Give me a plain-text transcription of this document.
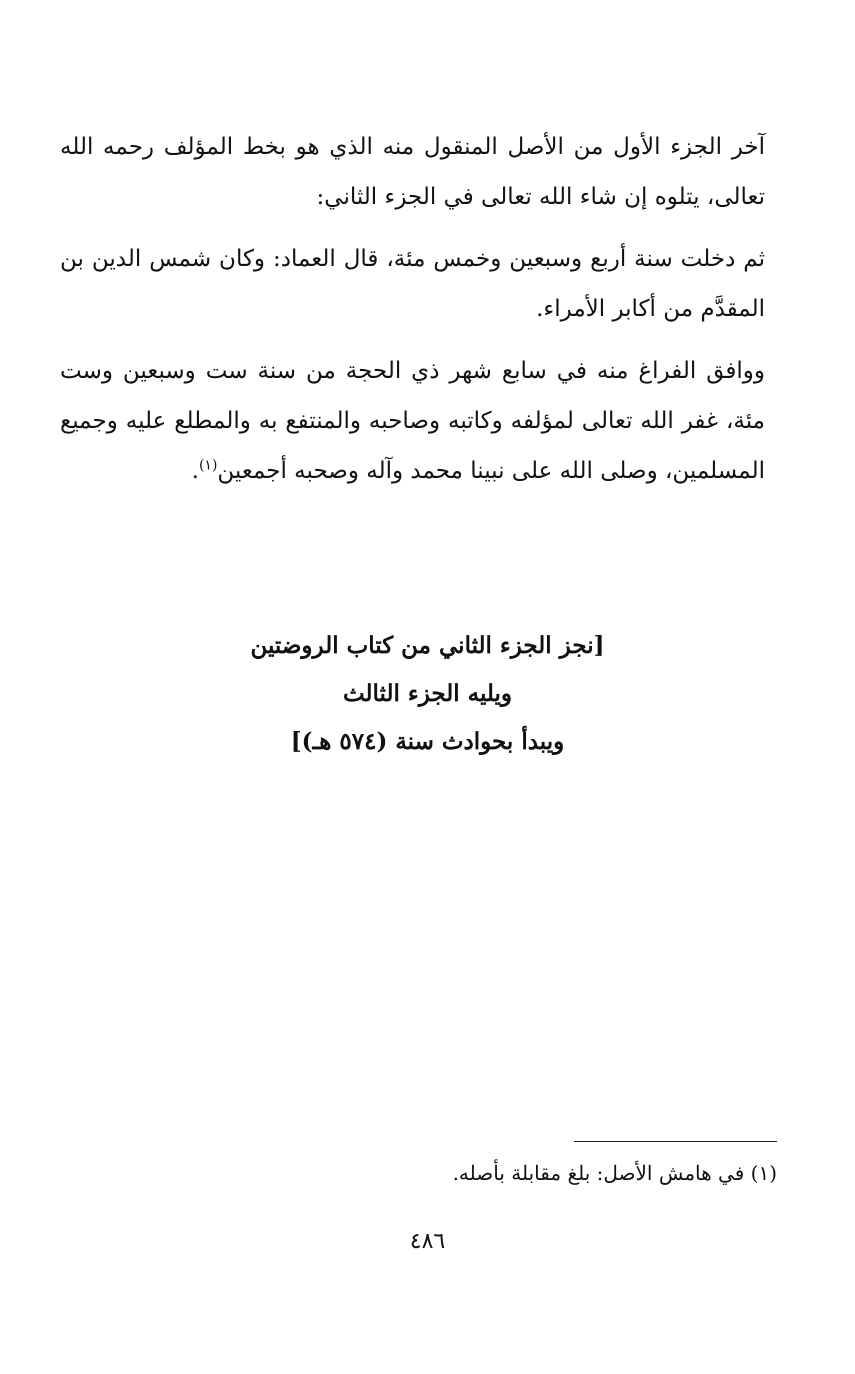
آخر الجزء الأول من الأصل المنقول منه الذي هو بخط المؤلف رحمه الله تعالى، يتلوه إن شاء الله تعالى في الجزء الثاني:

ثم دخلت سنة أربع وسبعين وخمس مئة، قال العماد: وكان شمس الدين بن المقدَّم من أكابر الأمراء.

ووافق الفراغ منه في سابع شهر ذي الحجة من سنة ست وسبعين وست مئة، غفر الله تعالى لمؤلفه وكاتبه وصاحبه والمنتفع به والمطلع عليه وجميع المسلمين، وصلى الله على نبينا محمد وآله وصحبه أجمعين$^{(١)}$.

[نجز الجزء الثاني من كتاب الروضتين
ويليه الجزء الثالث
ويبدأ بحوادث سنة (٥٧٤ هـ)]
(١) في هامش الأصل: بلغ مقابلة بأصله.
٤٨٦
